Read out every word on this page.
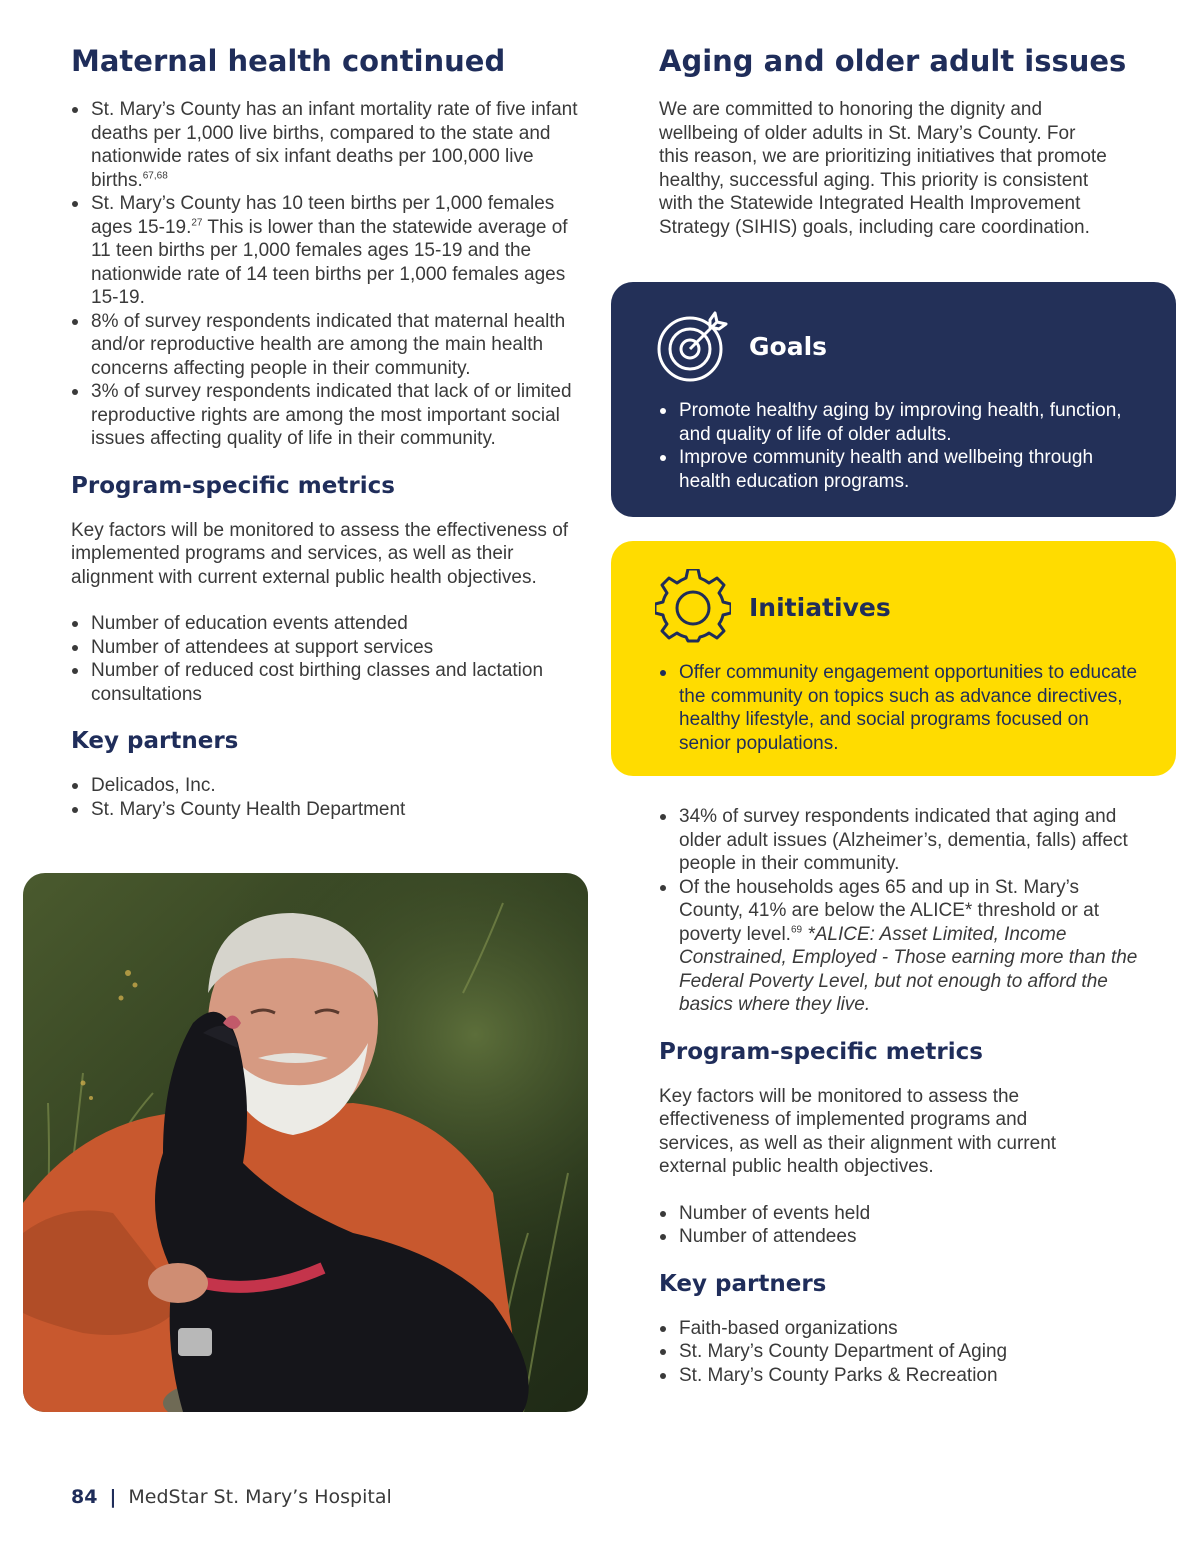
Maternal health continued
St. Mary’s County has an infant mortality rate of five infant deaths per 1,000 live births, compared to the state and nationwide rates of six infant deaths per 100,000 live births.$^{67,68}$
St. Mary’s County has 10 teen births per 1,000 females ages 15-19.27 This is lower than the statewide average of 11 teen births per 1,000 females ages 15-19 and the nationwide rate of 14 teen births per 1,000 females ages 15-19.
8% of survey respondents indicated that maternal health and/or reproductive health are among the main health concerns affecting people in their community.
3% of survey respondents indicated that lack of or limited reproductive rights are among the most important social issues affecting quality of life in their community.
Program-specific metrics

Key factors will be monitored to assess the effectiveness of implemented programs and services, as well as their alignment with current external public health objectives.

Number of education events attended
Number of attendees at support services
Number of reduced cost birthing classes and lactation consultations
Key partners
Delicados, Inc.
St. Mary’s County Health Department
Aging and older adult issues

We are committed to honoring the dignity and wellbeing of older adults in St. Mary’s County. For this reason, we are prioritizing initiatives that promote healthy, successful aging. This priority is consistent with the Statewide Integrated Health Improvement Strategy (SIHIS) goals, including care coordination.

Goals
Promote healthy aging by improving health, function, and quality of life of older adults.
Improve community health and wellbeing through health education programs.
Initiatives
Offer community engagement opportunities to educate the community on topics such as advance directives, healthy lifestyle, and social programs focused on senior populations.
34% of survey respondents indicated that aging and older adult issues (Alzheimer’s, dementia, falls) affect people in their community.
Of the households ages 65 and up in St. Mary’s County, 41% are below the ALICE* threshold or at poverty level.$^{69}$ *ALICE: Asset Limited, Income Constrained, Employed - Those earning more than the Federal Poverty Level, but not enough to afford the basics where they live.
Program-specific metrics

Key factors will be monitored to assess the effectiveness of implemented programs and services, as well as their alignment with current external public health objectives.

Number of events held
Number of attendees
Key partners
Faith-based organizations
St. Mary’s County Department of Aging
St. Mary’s County Parks & Recreation
84 | MedStar St. Mary’s Hospital
